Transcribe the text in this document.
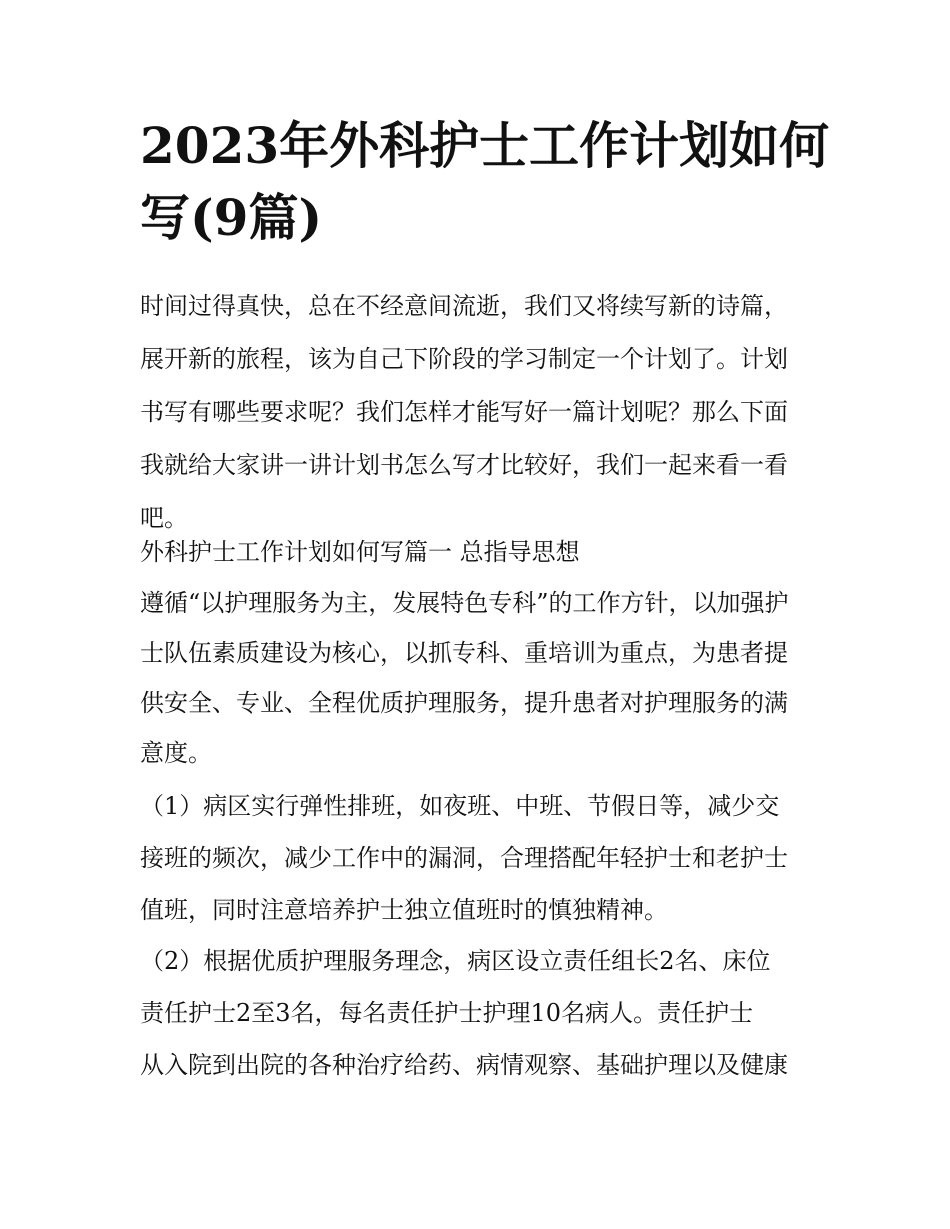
2023年外科护士工作计划如何
写(9篇)

时间过得真快，总在不经意间流逝，我们又将续写新的诗篇，
展开新的旅程，该为自己下阶段的学习制定一个计划了。计划
书写有哪些要求呢？我们怎样才能写好一篇计划呢？那么下面
我就给大家讲一讲计划书怎么写才比较好，我们一起来看一看
吧。

外科护士工作计划如何写篇一 总指导思想

遵循“以护理服务为主，发展特色专科”的工作方针，以加强护
士队伍素质建设为核心，以抓专科、重培训为重点，为患者提
供安全、专业、全程优质护理服务，提升患者对护理服务的满
意度。

（1）病区实行弹性排班，如夜班、中班、节假日等，减少交
接班的频次，减少工作中的漏洞，合理搭配年轻护士和老护士
值班，同时注意培养护士独立值班时的慎独精神。

（2）根据优质护理服务理念，病区设立责任组长2名、床位
责任护士2至3名，每名责任护士护理10名病人。责任护士
从入院到出院的各种治疗给药、病情观察、基础护理以及健康
